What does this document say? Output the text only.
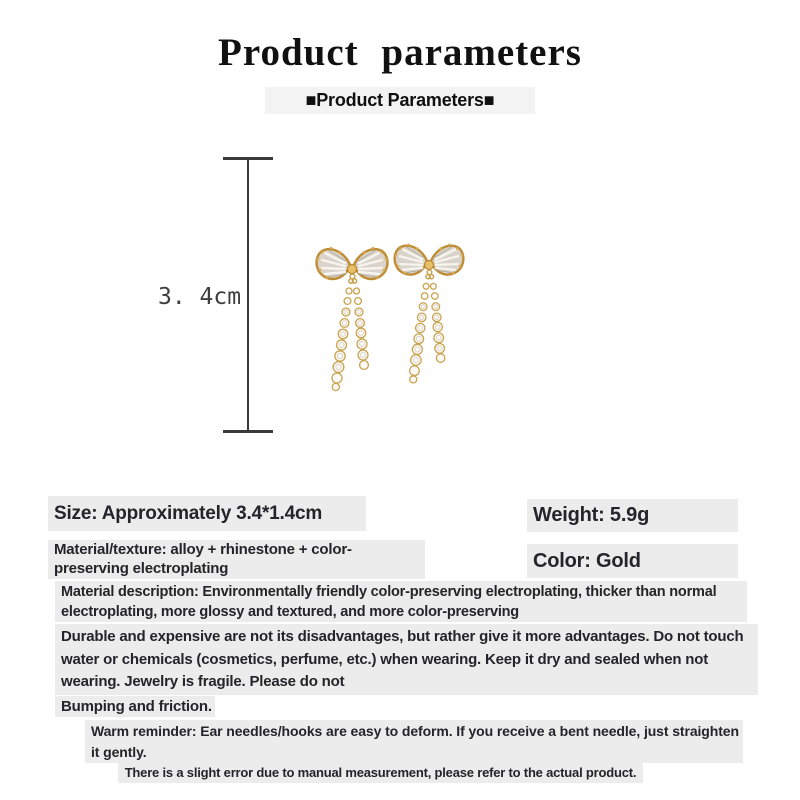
Product parameters
■Product Parameters■
3. 4cm
Size: Approximately 3.4*1.4cm	Weight: 5.9g
Material/texture: alloy + rhinestone + color-preserving electroplating	Color: Gold
Material description: Environmentally friendly color-preserving electroplating, thicker than normal electroplating, more glossy and textured, and more color-preserving
Durable and expensive are not its disadvantages, but rather give it more advantages. Do not touch water or chemicals (cosmetics, perfume, etc.) when wearing. Keep it dry and sealed when not wearing. Jewelry is fragile. Please do not
Bumping and friction.
Warm reminder: Ear needles/hooks are easy to deform. If you receive a bent needle, just straighten it gently.
There is a slight error due to manual measurement, please refer to the actual product.
